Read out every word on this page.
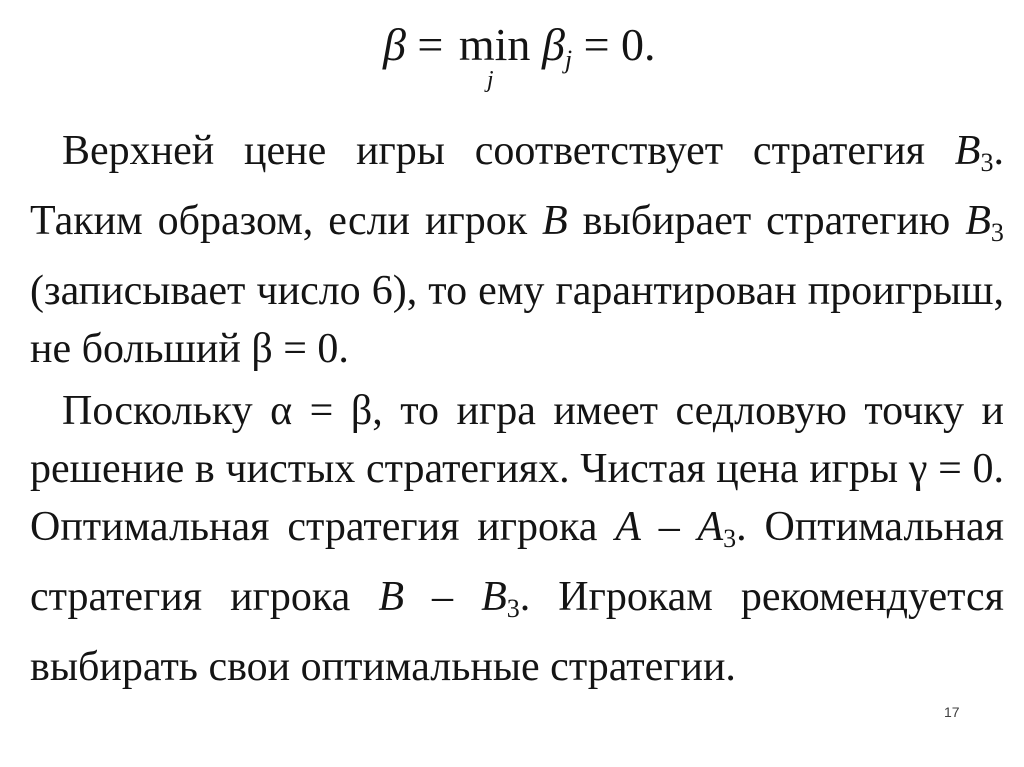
β = min
j
$\beta_j = 0$.
Верхней цене игры соответствует стратегия B3.
Таким образом, если игрок B выбирает стратегию B3
(записывает число 6), то ему гарантирован проигрыш,
не больший β = 0.
Поскольку α = β, то игра имеет седловую точку и
решение в чистых стратегиях. Чистая цена игры γ = 0.
Оптимальная стратегия игрока A – A3. Оптимальная
стратегия игрока B – B3. Игрокам рекомендуется
выбирать свои оптимальные стратегии.
17
